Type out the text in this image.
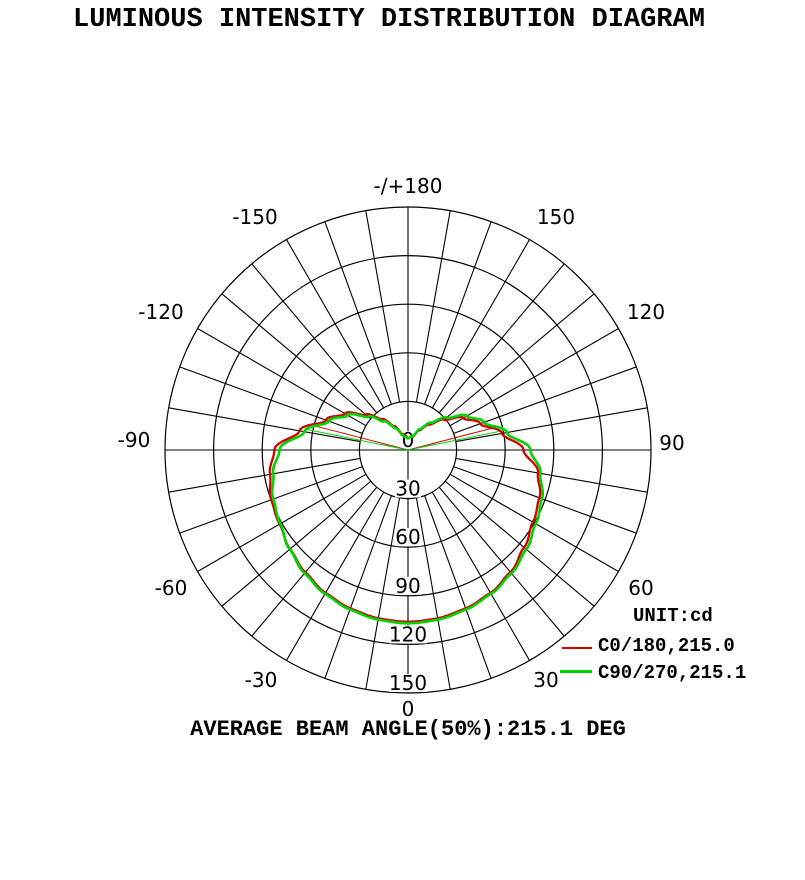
LUMINOUS INTENSITY DISTRIBUTION DIAGRAM
0
30
60
90
120
150
-/+180
-150	150
-120	120
-90	90
-60	60
-30	30
0
UNIT:cd
C0/180,215.0
C90/270,215.1
AVERAGE BEAM ANGLE(50%):215.1 DEG
